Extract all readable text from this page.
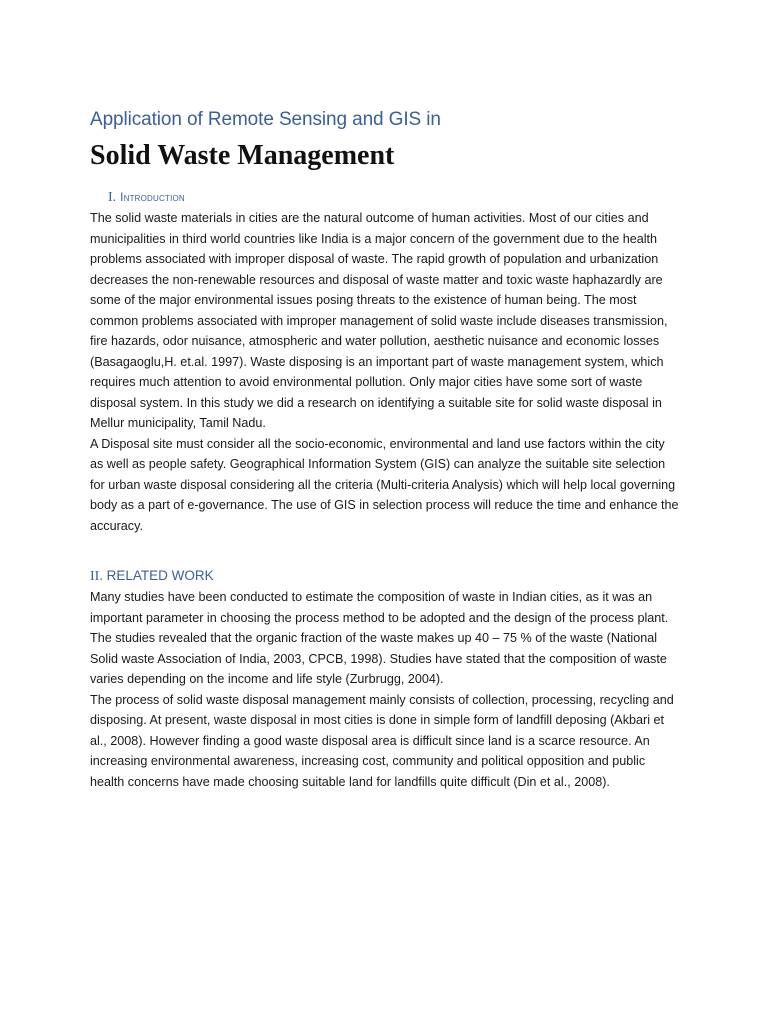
Application of Remote Sensing and GIS in
Solid Waste Management
I. Introduction

The solid waste materials in cities are the natural outcome of human activities. Most of our cities and municipalities in third world countries like India is a major concern of the government due to the health problems associated with improper disposal of waste. The rapid growth of population and urbanization decreases the non-renewable resources and disposal of waste matter and toxic waste haphazardly are some of the major environmental issues posing threats to the existence of human being. The most common problems associated with improper management of solid waste include diseases transmission, fire hazards, odor nuisance, atmospheric and water pollution, aesthetic nuisance and economic losses (Basagaoglu,H. et.al. 1997). Waste disposing is an important part of waste management system, which requires much attention to avoid environmental pollution. Only major cities have some sort of waste disposal system. In this study we did a research on identifying a suitable site for solid waste disposal in Mellur municipality, Tamil Nadu.

A Disposal site must consider all the socio-economic, environmental and land use factors within the city as well as people safety. Geographical Information System (GIS) can analyze the suitable site selection for urban waste disposal considering all the criteria (Multi-criteria Analysis) which will help local governing body as a part of e-governance. The use of GIS in selection process will reduce the time and enhance the accuracy.

II. RELATED WORK

Many studies have been conducted to estimate the composition of waste in Indian cities, as it was an important parameter in choosing the process method to be adopted and the design of the process plant. The studies revealed that the organic fraction of the waste makes up 40 – 75 % of the waste (National Solid waste Association of India, 2003, CPCB, 1998). Studies have stated that the composition of waste varies depending on the income and life style (Zurbrugg, 2004).

The process of solid waste disposal management mainly consists of collection, processing, recycling and disposing. At present, waste disposal in most cities is done in simple form of landfill deposing (Akbari et al., 2008). However finding a good waste disposal area is difficult since land is a scarce resource. An increasing environmental awareness, increasing cost, community and political opposition and public health concerns have made choosing suitable land for landfills quite difficult (Din et al., 2008).
